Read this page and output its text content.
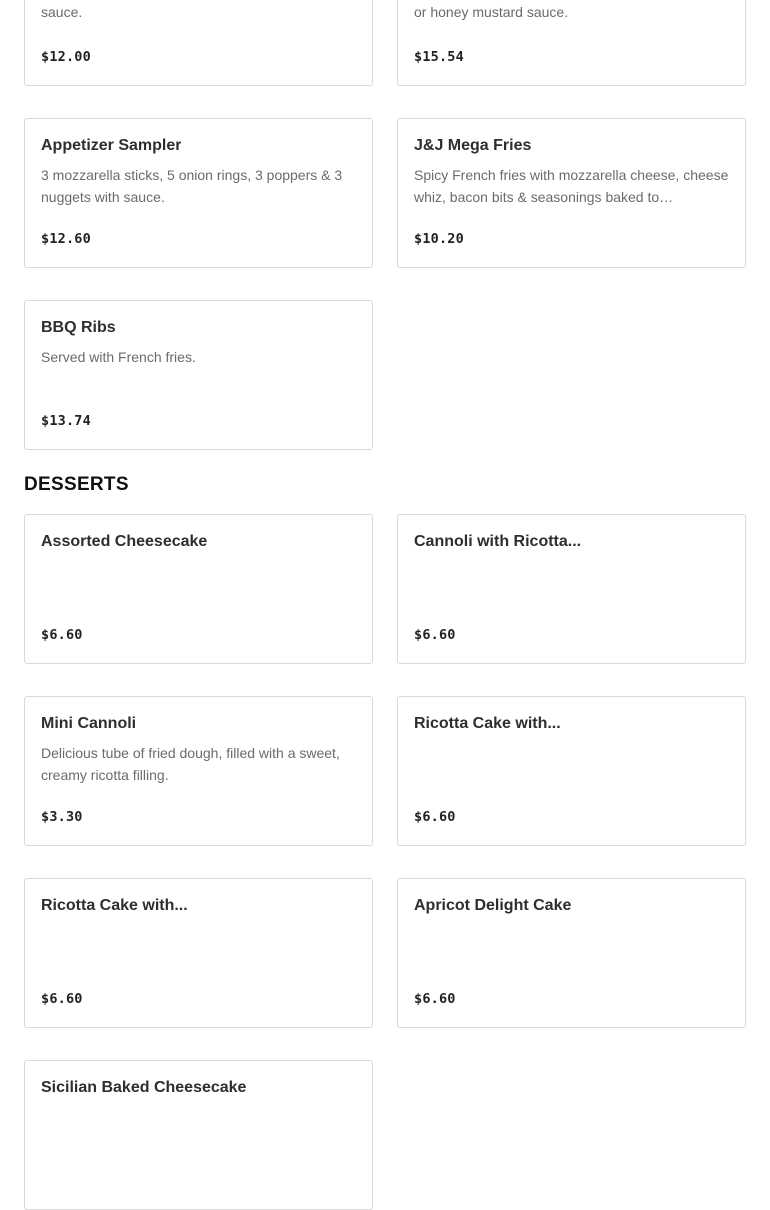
sauce.
$12.00
or honey mustard sauce.
$15.54
Appetizer Sampler
3 mozzarella sticks, 5 onion rings, 3 poppers & 3 nuggets with sauce.
$12.60
J&J Mega Fries
Spicy French fries with mozzarella cheese, cheese whiz, bacon bits & seasonings baked to…
$10.20
BBQ Ribs
Served with French fries.
$13.74
DESSERTS
Assorted Cheesecake
$6.60
Cannoli with Ricotta...
$6.60
Mini Cannoli
Delicious tube of fried dough, filled with a sweet, creamy ricotta filling.
$3.30
Ricotta Cake with...
$6.60
Ricotta Cake with...
$6.60
Apricot Delight Cake
$6.60
Sicilian Baked Cheesecake
